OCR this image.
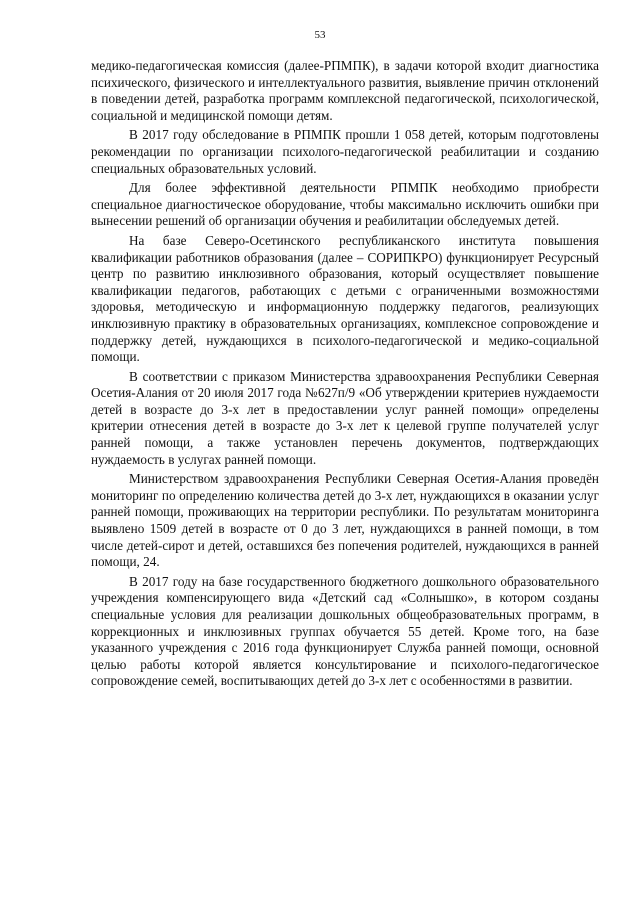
53

медико-педагогическая комиссия (далее-РПМПК), в задачи которой входит диагностика психического, физического и интеллектуального развития, выявление причин отклонений в поведении детей, разработка программ комплексной педагогической, психологической, социальной и медицинской помощи детям.

В 2017 году обследование в РПМПК прошли 1 058 детей, которым подготовлены рекомендации по организации психолого-педагогической реабилитации и созданию специальных образовательных условий.

Для более эффективной деятельности РПМПК необходимо приобрести специальное диагностическое оборудование, чтобы максимально исключить ошибки при вынесении решений об организации обучения и реабилитации обследуемых детей.

На базе Северо-Осетинского республиканского института повышения квалификации работников образования (далее – СОРИПКРО) функционирует Ресурсный центр по развитию инклюзивного образования, который осуществляет повышение квалификации педагогов, работающих с детьми с ограниченными возможностями здоровья, методическую и информационную поддержку педагогов, реализующих инклюзивную практику в образовательных организациях, комплексное сопровождение и поддержку детей, нуждающихся в психолого-педагогической и медико-социальной помощи.

В соответствии с приказом Министерства здравоохранения Республики Северная Осетия-Алания от 20 июля 2017 года №627п/9 «Об утверждении критериев нуждаемости детей в возрасте до 3-х лет в предоставлении услуг ранней помощи» определены критерии отнесения детей в возрасте до 3-х лет к целевой группе получателей услуг ранней помощи, а также установлен перечень документов, подтверждающих нуждаемость в услугах ранней помощи.

Министерством здравоохранения Республики Северная Осетия-Алания проведён мониторинг по определению количества детей до 3-х лет, нуждающихся в оказании услуг ранней помощи, проживающих на территории республики. По результатам мониторинга выявлено 1509 детей в возрасте от 0 до 3 лет, нуждающихся в ранней помощи, в том числе детей-сирот и детей, оставшихся без попечения родителей, нуждающихся в ранней помощи, 24.

В 2017 году на базе государственного бюджетного дошкольного образовательного учреждения компенсирующего вида «Детский сад «Солнышко», в котором созданы специальные условия для реализации дошкольных общеобразовательных программ, в коррекционных и инклюзивных группах обучается 55 детей. Кроме того, на базе указанного учреждения с 2016 года функционирует Служба ранней помощи, основной целью работы которой является консультирование и психолого-педагогическое сопровождение семей, воспитывающих детей до 3-х лет с особенностями в развитии.
